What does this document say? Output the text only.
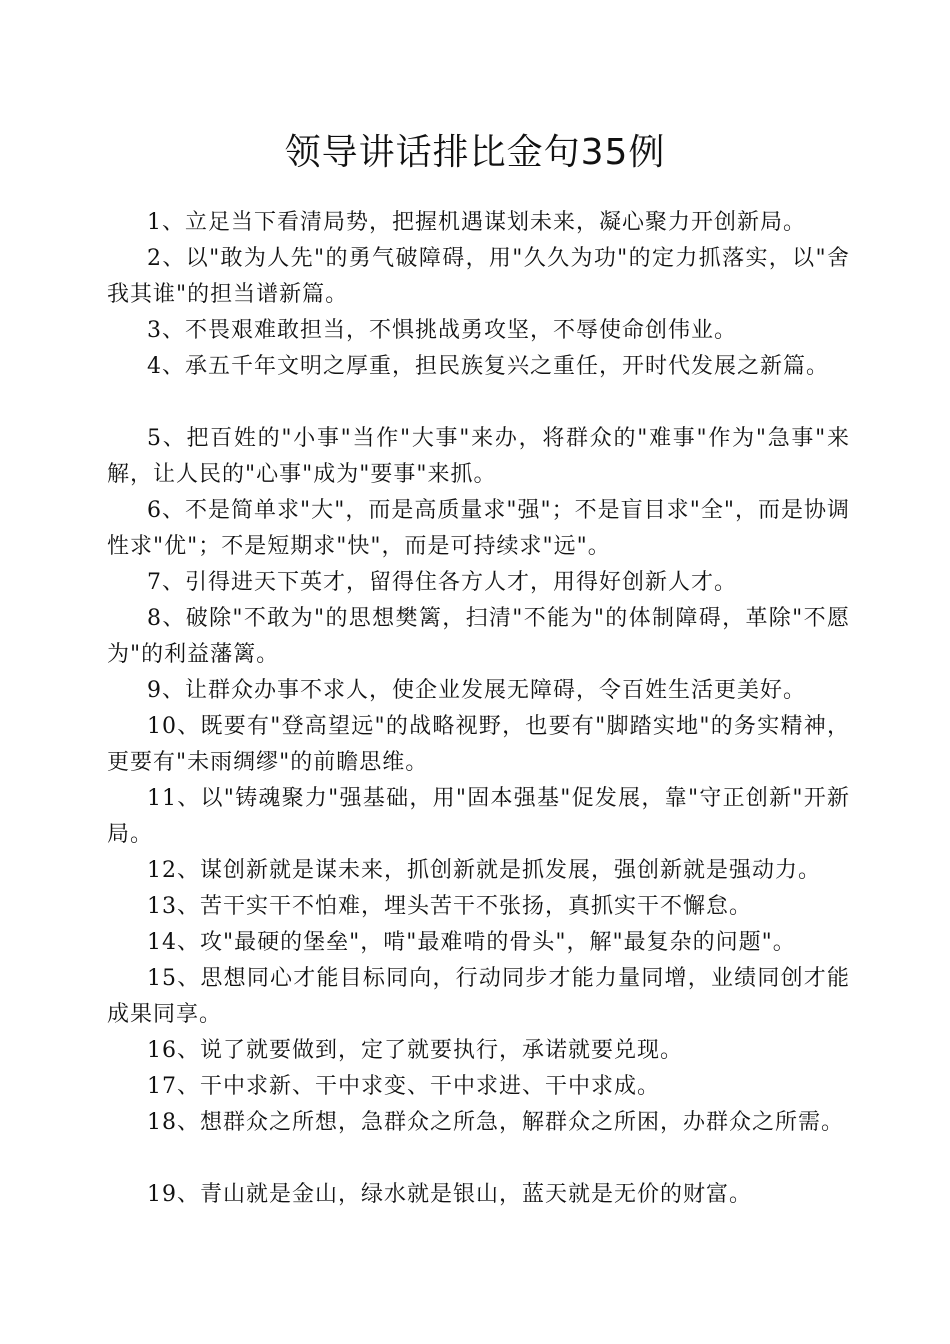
领导讲话排比金句35例

1、立足当下看清局势，把握机遇谋划未来，凝心聚力开创新局。

2、以"敢为人先"的勇气破障碍，用"久久为功"的定力抓落实，以"舍我其谁"的担当谱新篇。

3、不畏艰难敢担当，不惧挑战勇攻坚，不辱使命创伟业。

4、承五千年文明之厚重，担民族复兴之重任，开时代发展之新篇。

5、把百姓的"小事"当作"大事"来办，将群众的"难事"作为"急事"来解，让人民的"心事"成为"要事"来抓。

6、不是简单求"大"，而是高质量求"强"；不是盲目求"全"，而是协调性求"优"；不是短期求"快"，而是可持续求"远"。

7、引得进天下英才，留得住各方人才，用得好创新人才。

8、破除"不敢为"的思想樊篱，扫清"不能为"的体制障碍，革除"不愿为"的利益藩篱。

9、让群众办事不求人，使企业发展无障碍，令百姓生活更美好。

10、既要有"登高望远"的战略视野，也要有"脚踏实地"的务实精神，更要有"未雨绸缪"的前瞻思维。

11、以"铸魂聚力"强基础，用"固本强基"促发展，靠"守正创新"开新局。

12、谋创新就是谋未来，抓创新就是抓发展，强创新就是强动力。

13、苦干实干不怕难，埋头苦干不张扬，真抓实干不懈怠。

14、攻"最硬的堡垒"，啃"最难啃的骨头"，解"最复杂的问题"。

15、思想同心才能目标同向，行动同步才能力量同增，业绩同创才能成果同享。

16、说了就要做到，定了就要执行，承诺就要兑现。

17、干中求新、干中求变、干中求进、干中求成。

18、想群众之所想，急群众之所急，解群众之所困，办群众之所需。

19、青山就是金山，绿水就是银山，蓝天就是无价的财富。
